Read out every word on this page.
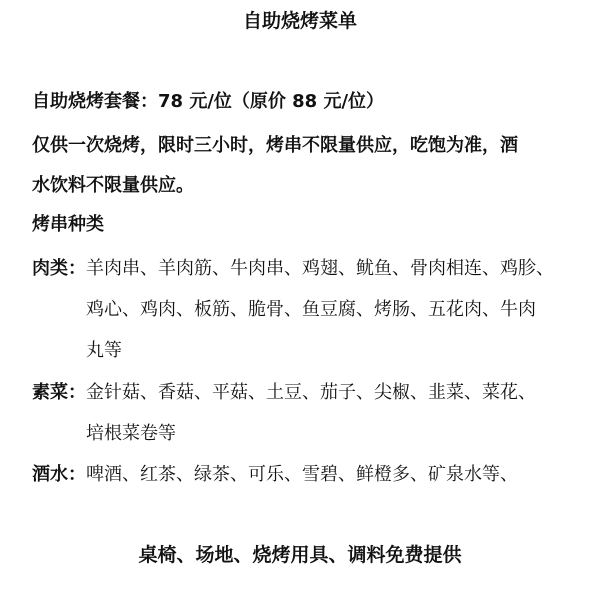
自助烧烤菜单
自助烧烤套餐：78 元/位（原价 88 元/位）
仅供一次烧烤，限时三小时，烤串不限量供应，吃饱为准，酒
水饮料不限量供应。
烤串种类
肉类： 羊肉串、羊肉筋、牛肉串、鸡翅、鱿鱼、骨肉相连、鸡胗、
鸡心、鸡肉、板筋、脆骨、鱼豆腐、烤肠、五花肉、牛肉
丸等
素菜： 金针菇、香菇、平菇、土豆、茄子、尖椒、韭菜、菜花、
培根菜卷等
酒水： 啤酒、红茶、绿茶、可乐、雪碧、鲜橙多、矿泉水等、
桌椅、场地、烧烤用具、调料免费提供
